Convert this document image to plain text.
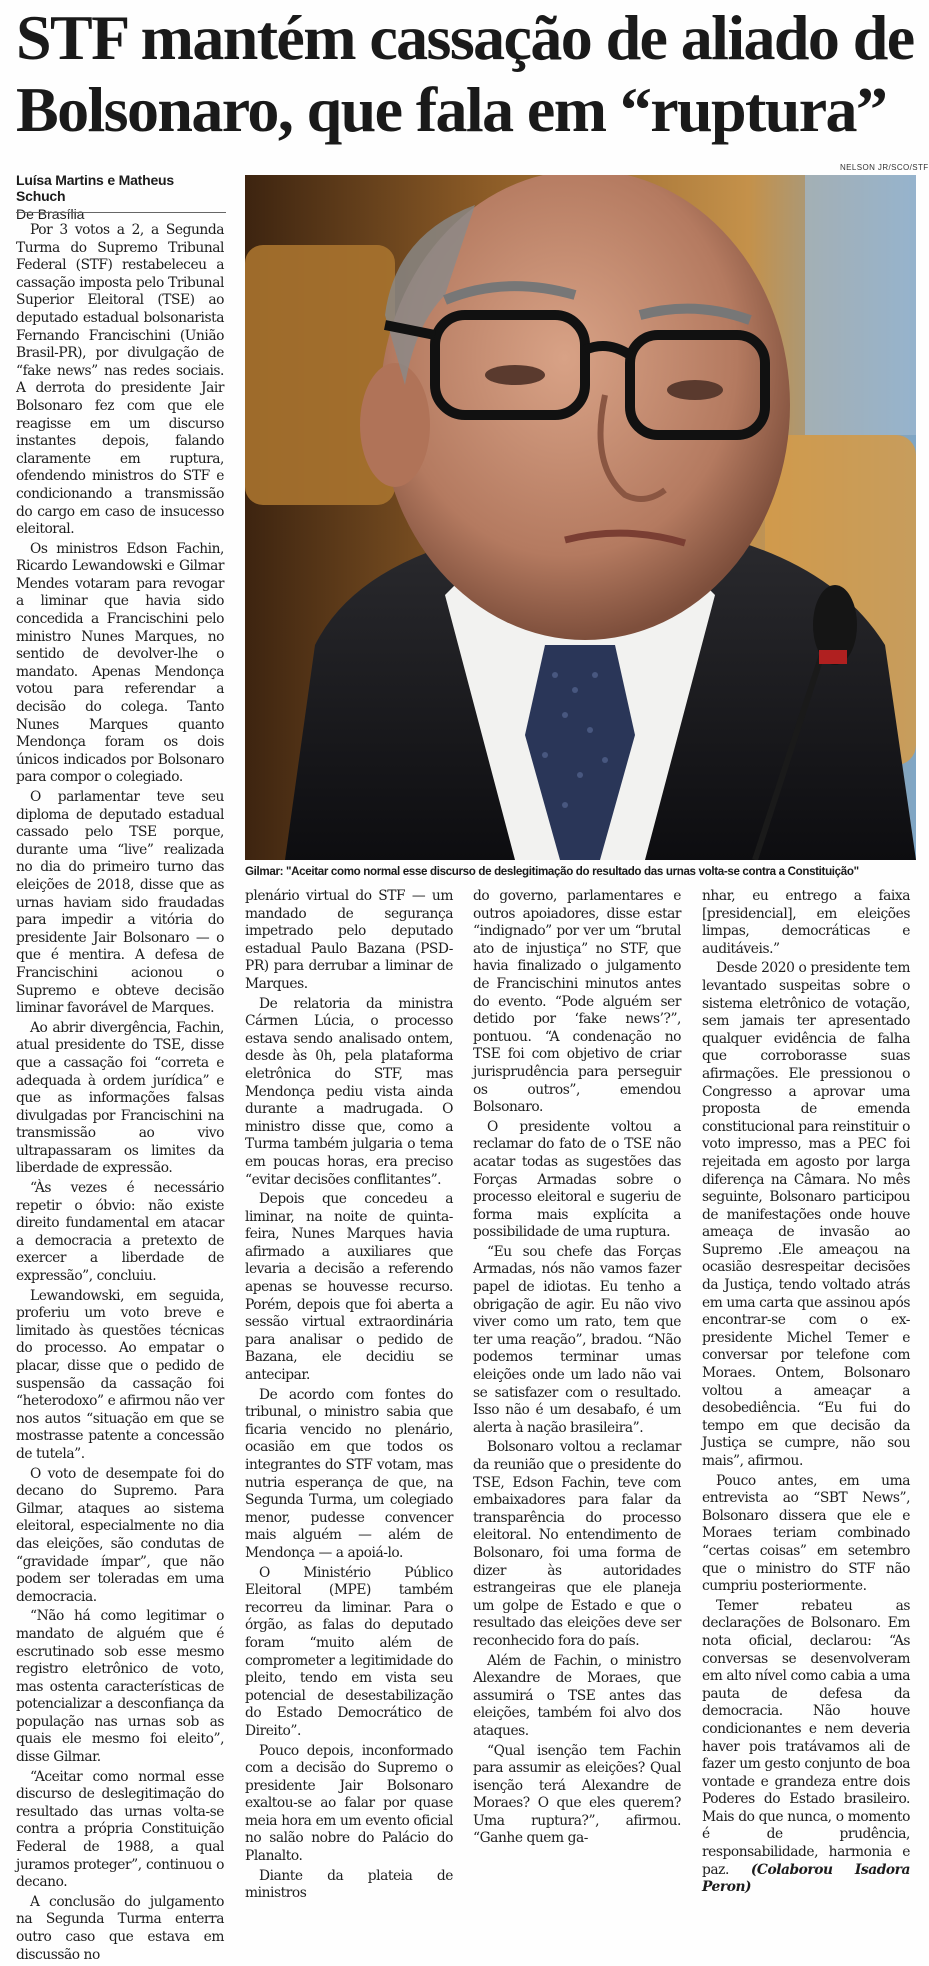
STF mantém cassação de aliado de
Bolsonaro, que fala em “ruptura”
Luísa Martins e Matheus Schuch
De Brasília
NELSON JR/SCO/STF
Gilmar: "Aceitar como normal esse discurso de deslegitimação do resultado das urnas volta-se contra a Constituição"

Por 3 votos a 2, a Segunda Turma do Supremo Tribunal Federal (STF) restabeleceu a cassação imposta pelo Tribunal Superior Eleitoral (TSE) ao deputado estadual bolsonarista Fernando Francischini (União Brasil-PR), por divulgação de “fake news” nas redes sociais. A derrota do presidente Jair Bolsonaro fez com que ele reagisse em um discurso instantes depois, falando claramente em ruptura, ofendendo ministros do STF e condicionando a transmissão do cargo em caso de insucesso eleitoral.

Os ministros Edson Fachin, Ricardo Lewandowski e Gilmar Mendes votaram para revogar a liminar que havia sido concedida a Francischini pelo ministro Nunes Marques, no sentido de devolver-lhe o mandato. Apenas Mendonça votou para referendar a decisão do colega. Tanto Nunes Marques quanto Mendonça foram os dois únicos indicados por Bolsonaro para compor o colegiado.

O parlamentar teve seu diploma de deputado estadual cassado pelo TSE porque, durante uma “live” realizada no dia do primeiro turno das eleições de 2018, disse que as urnas haviam sido fraudadas para impedir a vitória do presidente Jair Bolsonaro — o que é mentira. A defesa de Francischini acionou o Supremo e obteve decisão liminar favorável de Marques.

Ao abrir divergência, Fachin, atual presidente do TSE, disse que a cassação foi “correta e adequada à ordem jurídica” e que as informações falsas divulgadas por Francischini na transmissão ao vivo ultrapassaram os limites da liberdade de expressão.

“Às vezes é necessário repetir o óbvio: não existe direito fundamental em atacar a democracia a pretexto de exercer a liberdade de expressão”, concluiu.

Lewandowski, em seguida, proferiu um voto breve e limitado às questões técnicas do processo. Ao empatar o placar, disse que o pedido de suspensão da cassação foi “heterodoxo” e afirmou não ver nos autos “situação em que se mostrasse patente a concessão de tutela”.

O voto de desempate foi do decano do Supremo. Para Gilmar, ataques ao sistema eleitoral, especialmente no dia das eleições, são condutas de “gravidade ímpar”, que não podem ser toleradas em uma democracia.

“Não há como legitimar o mandato de alguém que é escrutinado sob esse mesmo registro eletrônico de voto, mas ostenta características de potencializar a desconfiança da população nas urnas sob as quais ele mesmo foi eleito”, disse Gilmar.

“Aceitar como normal esse discurso de deslegitimação do resultado das urnas volta-se contra a própria Constituição Federal de 1988, a qual juramos proteger”, continuou o decano.

A conclusão do julgamento na Segunda Turma enterra outro caso que estava em discussão no

plenário virtual do STF — um mandado de segurança impetrado pelo deputado estadual Paulo Bazana (PSD-PR) para derrubar a liminar de Marques.

De relatoria da ministra Cármen Lúcia, o processo estava sendo analisado ontem, desde às 0h, pela plataforma eletrônica do STF, mas Mendonça pediu vista ainda durante a madrugada. O ministro disse que, como a Turma também julgaria o tema em poucas horas, era preciso “evitar decisões conflitantes”.

Depois que concedeu a liminar, na noite de quinta-feira, Nunes Marques havia afirmado a auxiliares que levaria a decisão a referendo apenas se houvesse recurso. Porém, depois que foi aberta a sessão virtual extraordinária para analisar o pedido de Bazana, ele decidiu se antecipar.

De acordo com fontes do tribunal, o ministro sabia que ficaria vencido no plenário, ocasião em que todos os integrantes do STF votam, mas nutria esperança de que, na Segunda Turma, um colegiado menor, pudesse convencer mais alguém — além de Mendonça — a apoiá-lo.

O Ministério Público Eleitoral (MPE) também recorreu da liminar. Para o órgão, as falas do deputado foram “muito além de comprometer a legitimidade do pleito, tendo em vista seu potencial de desestabilização do Estado Democrático de Direito”.

Pouco depois, inconformado com a decisão do Supremo o presidente Jair Bolsonaro exaltou-se ao falar por quase meia hora em um evento oficial no salão nobre do Palácio do Planalto.

Diante da plateia de ministros

do governo, parlamentares e outros apoiadores, disse estar “indignado” por ver um “brutal ato de injustiça” no STF, que havia finalizado o julgamento de Francischini minutos antes do evento. “Pode alguém ser detido por ‘fake news’?”, pontuou. “A condenação no TSE foi com objetivo de criar jurisprudência para perseguir os outros”, emendou Bolsonaro.

O presidente voltou a reclamar do fato de o TSE não acatar todas as sugestões das Forças Armadas sobre o processo eleitoral e sugeriu de forma mais explícita a possibilidade de uma ruptura.

“Eu sou chefe das Forças Armadas, nós não vamos fazer papel de idiotas. Eu tenho a obrigação de agir. Eu não vivo viver como um rato, tem que ter uma reação”, bradou. “Não podemos terminar umas eleições onde um lado não vai se satisfazer com o resultado. Isso não é um desabafo, é um alerta à nação brasileira”.

Bolsonaro voltou a reclamar da reunião que o presidente do TSE, Edson Fachin, teve com embaixadores para falar da transparência do processo eleitoral. No entendimento de Bolsonaro, foi uma forma de dizer às autoridades estrangeiras que ele planeja um golpe de Estado e que o resultado das eleições deve ser reconhecido fora do país.

Além de Fachin, o ministro Alexandre de Moraes, que assumirá o TSE antes das eleições, também foi alvo dos ataques.

“Qual isenção tem Fachin para assumir as eleições? Qual isenção terá Alexandre de Moraes? O que eles querem? Uma ruptura?”, afirmou. “Ganhe quem ga-

nhar, eu entrego a faixa [presidencial], em eleições limpas, democráticas e auditáveis.”

Desde 2020 o presidente tem levantado suspeitas sobre o sistema eletrônico de votação, sem jamais ter apresentado qualquer evidência de falha que corroborasse suas afirmações. Ele pressionou o Congresso a aprovar uma proposta de emenda constitucional para reinstituir o voto impresso, mas a PEC foi rejeitada em agosto por larga diferença na Câmara. No mês seguinte, Bolsonaro participou de manifestações onde houve ameaça de invasão ao Supremo .Ele ameaçou na ocasião desrespeitar decisões da Justiça, tendo voltado atrás em uma carta que assinou após encontrar-se com o ex-presidente Michel Temer e conversar por telefone com Moraes. Ontem, Bolsonaro voltou a ameaçar a desobediência. “Eu fui do tempo em que decisão da Justiça se cumpre, não sou mais”, afirmou.

Pouco antes, em uma entrevista ao “SBT News”, Bolsonaro dissera que ele e Moraes teriam combinado “certas coisas” em setembro que o ministro do STF não cumpriu posteriormente.

Temer rebateu as declarações de Bolsonaro. Em nota oficial, declarou: “As conversas se desenvolveram em alto nível como cabia a uma pauta de defesa da democracia. Não houve condicionantes e nem deveria haver pois tratávamos ali de fazer um gesto conjunto de boa vontade e grandeza entre dois Poderes do Estado brasileiro. Mais do que nunca, o momento é de prudência, responsabilidade, harmonia e paz. (Colaborou Isadora Peron)
